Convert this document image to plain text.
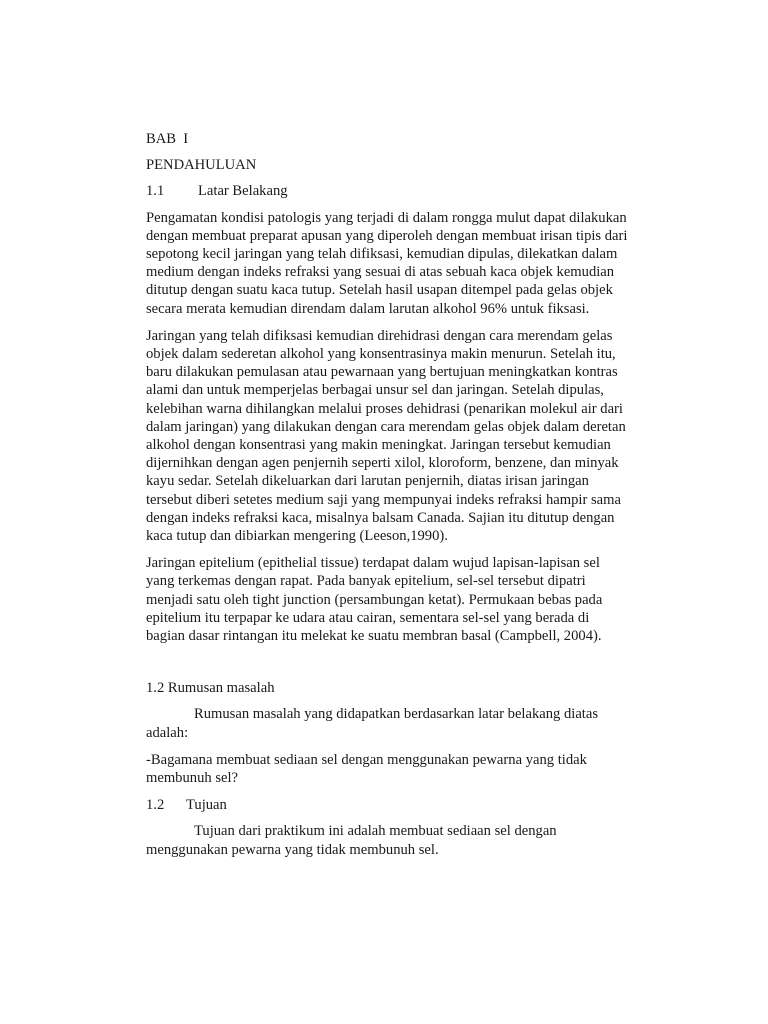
BAB  I
PENDAHULUAN
1.1	Latar Belakang
Pengamatan kondisi patologis yang terjadi di dalam rongga mulut dapat dilakukan
dengan membuat preparat apusan yang diperoleh dengan membuat irisan tipis dari
sepotong kecil jaringan yang telah difiksasi, kemudian dipulas, dilekatkan dalam
medium dengan indeks refraksi yang sesuai di atas sebuah kaca objek kemudian
ditutup dengan suatu kaca tutup. Setelah hasil usapan ditempel pada gelas objek
secara merata kemudian direndam dalam larutan alkohol 96% untuk fiksasi.
Jaringan yang telah difiksasi kemudian direhidrasi dengan cara merendam gelas
objek dalam sederetan alkohol yang konsentrasinya makin menurun. Setelah itu,
baru dilakukan pemulasan atau pewarnaan yang bertujuan meningkatkan kontras
alami dan untuk memperjelas berbagai unsur sel dan jaringan. Setelah dipulas,
kelebihan warna dihilangkan melalui proses dehidrasi (penarikan molekul air dari
dalam jaringan) yang dilakukan dengan cara merendam gelas objek dalam deretan
alkohol dengan konsentrasi yang makin meningkat. Jaringan tersebut kemudian
dijernihkan dengan agen penjernih seperti xilol, kloroform, benzene, dan minyak
kayu sedar. Setelah dikeluarkan dari larutan penjernih, diatas irisan jaringan
tersebut diberi setetes medium saji yang mempunyai indeks refraksi hampir sama
dengan indeks refraksi kaca, misalnya balsam Canada. Sajian itu ditutup dengan
kaca tutup dan dibiarkan mengering (Leeson,1990).
Jaringan epitelium (epithelial tissue) terdapat dalam wujud lapisan-lapisan sel
yang terkemas dengan rapat. Pada banyak epitelium, sel-sel tersebut dipatri
menjadi satu oleh tight junction (persambungan ketat). Permukaan bebas pada
epitelium itu terpapar ke udara atau cairan, sementara sel-sel yang berada di
bagian dasar rintangan itu melekat ke suatu membran basal (Campbell, 2004).
1.2 Rumusan masalah
Rumusan masalah yang didapatkan berdasarkan latar belakang diatas
adalah:
-Bagamana membuat sediaan sel dengan menggunakan pewarna yang tidak
membunuh sel?
1.2	Tujuan
Tujuan dari praktikum ini adalah membuat sediaan sel dengan
menggunakan pewarna yang tidak membunuh sel.
